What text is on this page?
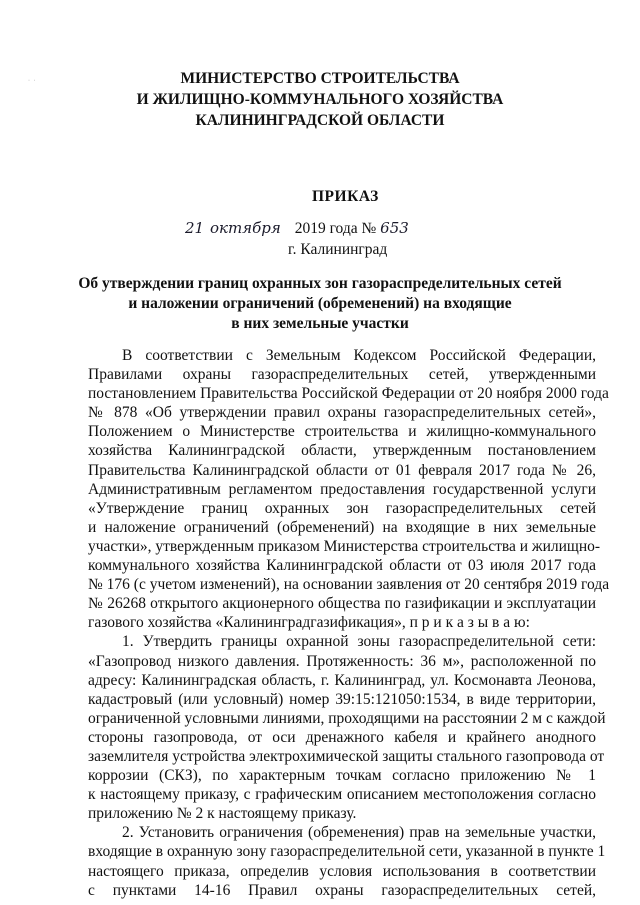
· ·	МИНИСТЕРСТВО СТРОИТЕЛЬСТВА
И ЖИЛИЩНО-КОММУНАЛЬНОГО ХОЗЯЙСТВА
КАЛИНИНГРАДСКОЙ ОБЛАСТИ
ПРИКАЗ
21 октября 2019 года № 653
г. Калининград
Об утверждении границ охранных зон газораспределительных сетей
и наложении ограничений (обременений) на входящие
в них земельные участки
В соответствии с Земельным Кодексом Российской Федерации,
Правилами охраны газораспределительных сетей, утвержденными
постановлением Правительства Российской Федерации от 20 ноября 2000 года
№ 878 «Об утверждении правил охраны газораспределительных сетей»,
Положением о Министерстве строительства и жилищно-коммунального
хозяйства Калининградской области, утвержденным постановлением
Правительства Калининградской области от 01 февраля 2017 года № 26,
Административным регламентом предоставления государственной услуги
«Утверждение границ охранных зон газораспределительных сетей
и наложение ограничений (обременений) на входящие в них земельные
участки», утвержденным приказом Министерства строительства и жилищно-
коммунального хозяйства Калининградской области от 03 июля 2017 года
№ 176 (с учетом изменений), на основании заявления от 20 сентября 2019 года
№ 26268 открытого акционерного общества по газификации и эксплуатации
газового хозяйства «Калининградгазификация», п р и к а з ы в а ю:
1. Утвердить границы охранной зоны газораспределительной сети:
«Газопровод низкого давления. Протяженность: 36 м», расположенной по
адресу: Калининградская область, г. Калининград, ул. Космонавта Леонова,
кадастровый (или условный) номер 39:15:121050:1534, в виде территории,
ограниченной условными линиями, проходящими на расстоянии 2 м с каждой
стороны газопровода, от оси дренажного кабеля и крайнего анодного
заземлителя устройства электрохимической защиты стального газопровода от
коррозии (СКЗ), по характерным точкам согласно приложению № 1
к настоящему приказу, с графическим описанием местоположения согласно
приложению № 2 к настоящему приказу.
2. Установить ограничения (обременения) прав на земельные участки,
входящие в охранную зону газораспределительной сети, указанной в пункте 1
настоящего приказа, определив условия использования в соответствии
с пунктами 14-16 Правил охраны газораспределительных сетей,
